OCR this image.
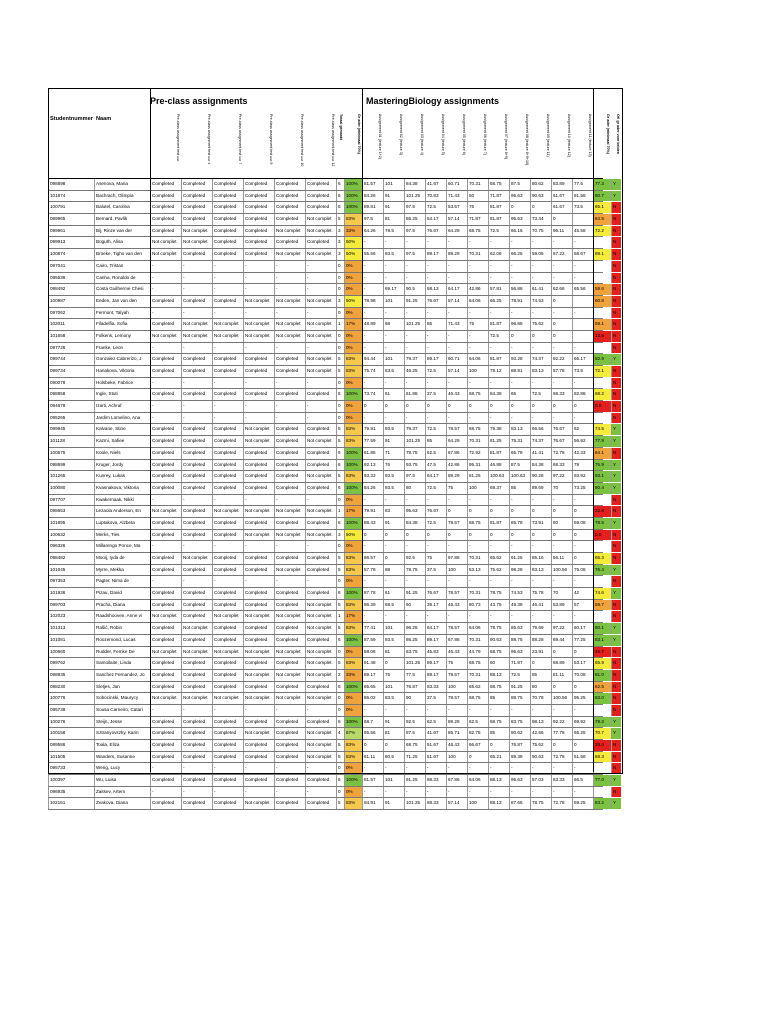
Pre-class assignments	MasteringBiology assignments
Studentnummer Naam	Pre-class assignment test uur	Pre-class assignment test uur 4	Pre-class assignment test uur 7	Pre-class assignment test uur 9	Pre-class assignment test uur 10	Pre-class assignment test uur 12 Totaal gemaakt	Gr ader (minimaal 70%)	Assignment 01 (lecture 1+2)	Assignment 02 (lecture 3)	Assignment 03 (lecture 4)	Assignment 04 (lecture 5)	Assignment 05 (lecture 6)	Assignment 06 (lecture 7)	Assignment 07 (lecture 8+9)	Assignment 08 (lecture 8+9+10)	Assignment 09 (lecture 11)	Assignment 10 (lecture 12)	Assignment 11 (lecture 13)	Gr ader (minimaal 70%) OK gr ader voor beiden
098898	Asenova, Maria	Completed	Completed	Completed	Completed	Completed	Completed	6	100%	81.57	101	84.38	41.67	60.71	70.31	68.75	87.5	80.62	83.89	77.5	77.3	Y
101874	Bachrach, Olimpia	Completed	Completed	Completed	Completed	Completed	Completed	6	100%	84.26	91	101.25	70.83	71.43	50	71.87	95.63	90.63	61.67	81.58	80.7	Y
100791	Balutel, Carolina	Completed	Completed	Completed	Completed	Completed	Completed	6	100%	89.81	91	97.5	72.5	53.57	75	81.87	0	0	61.67	73.5	65.1	N
089965	Bernard, Pavlik	Completed	Completed	Completed	Completed	Completed	Not complet	5	83%	97.5	81	86.25	54.17	57.14	71.87	81.87	95.63	73.44	0	64.5	N
099961	Bij, Rinze van der	Completed	Not complet	Completed	Completed	Not complet	Not complet	3	33%	64.26	78.5	97.5	76.67	64.29	68.75	72.5	65.16	70.75	96.11	45.58	72.2	N
099913	Boguth, Alisa	Not complet	Not complet	Completed	Completed	Completed	Completed	3	50%	-	-	-	-	-	-	-	-	-	-	-	N
100874	Broeke, Tigho van den	Not complet	Completed	Completed	Completed	Not complet	Not complet	3	50%	55.56	93.5	97.5	89.17	89.29	70.31	62.08	66.25	59.06	57.22	58.67	69.1	N
097041	Cairo, Tristan	-	-	-	-	-	-	0	0%	-	-	-	-	-	-	-	-	-	-	-	N
095536	Canha, Ronaldo de	-	-	-	-	-	-	0	0%	-	-	-	-	-	-	-	-	-	-	-	N
098492	Costa Guilherme Chesi	-	-	-	-	-	-	0	0%	-	69.17	90.5	58.13	64.17	42.86	57.81	56.88	61.41	62.66	65.56	59.6	N
100987	Eeden, Jan van den	Completed	Completed	Completed	Not complet	Not complet	Not complet	3	50%	78.98	101	91.25	76.67	57.14	64.06	66.25	78.91	74.53	0	60.8	N
097062	Fermont, Talyah	-	-	-	-	-	-	0	0%	-	-	-	-	-	-	-	-	-	-	-	N
102011	Filadelfia, Sofia	Completed	Not complet	Not complet	Not complet	Not complet	Not complet	1	17%	48.89	68	101.25	85	71.43	75	81.87	96.88	75.62	0	59.1	N
101658	Folkens, Lemony	Not complet	Not complet	Not complet	Not complet	Not complet	Not complet	0	0%	-	-	-	-	-	-	72.5	0	0	0	13.5	N
097726	Franke, Leon	-	-	-	-	-	-	0	0%	-	-	-	-	-	-	-	-	-	-	-	N
099744	Gonzalez Cabrerizo, J	Completed	Completed	Completed	Completed	Completed	Not complet	5	83%	94.44	101	79.37	89.17	60.71	64.06	81.87	93.28	74.37	92.22	66.17	82.9	Y
099734	Hanakova, Viktoria	Completed	Completed	Completed	Completed	Completed	Not complet	5	83%	75.74	63.5	46.25	72.5	57.14	100	78.12	88.91	83.13	57.78	73.5	72.1	N
090078	Holsbeke, Fabrice	-	-	-	-	-	-	0	0%	-	-	-	-	-	-	-	-	-	-	-	N
098858	Ingle, Stuti	Completed	Completed	Completed	Completed	Completed	Completed	6	100%	73.74	61	61.88	37.5	46.43	68.75	84.38	65	72.5	68.33	82.88	68.2	N
094678	Izarti, Achraf	-	-	-	-	-	-	0	0%	0	0	0	0	0	0	0	0	0	0	0	0.0	N
095265	Jardim Lomelino, Ana	-	-	-	-	-	-	0	0%	-	-	-	-	-	-	-	-	-	-	-	N
099945	Kalvane, Stine	Completed	Completed	Completed	Not complet	Completed	Completed	5	83%	79.91	93.5	79.37	72.5	78.57	68.75	79.38	83.13	66.56	76.67	62	74.5	Y
101128	Kazmi, Safiee	Completed	Completed	Completed	Not complet	Completed	Not complet	5	83%	77.59	91	101.25	85	64.29	70.31	81.25	75.31	74.37	76.67	56.92	77.9	Y
100575	Koole, Niels	Completed	Completed	Completed	Completed	Completed	Completed	6	100%	61.85	71	78.75	62.5	67.86	72.92	81.87	65.78	41.41	72.78	42.33	64.1	N
098699	Kruger, Jordy	Completed	Completed	Completed	Completed	Completed	Completed	6	100%	92.13	76	93.75	47.5	42.86	95.31	46.88	87.5	84.38	68.33	79	75.9	Y
101265	Kunrey, Lukas	Completed	Completed	Completed	Completed	Completed	Not complet	5	83%	93.33	93.5	97.5	64.17	89.29	81.25	100.63	100.63	90.28	97.22	93.92	93.1	Y
100080	Kvasnakova, Viktoria	Completed	Completed	Completed	Completed	Completed	Completed	6	100%	84.26	93.5	80	72.5	75	100	69.37	85	89.69	70	73.25	80.4	Y
097707	Kwakernaak, Nikki	-	-	-	-	-	-	0	0%	-	-	-	-	-	-	-	-	-	-	-	N
098653	Lezaola Anderson, En	Not complet	Completed	Not complet	Not complet	Not complet	Not complet	1	17%	79.91	83	95.63	76.67	0	0	0	0	0	0	0	33.8	N
101895	Luptakova, Alzbeta	Completed	Completed	Completed	Completed	Completed	Completed	6	100%	88.43	91	84.38	72.5	78.57	68.75	81.87	85.78	73.91	60	69.08	78.5	Y
100632	Merks, Ties	Completed	Completed	Completed	Not complet	Not complet	Not complet	3	50%	0	0	0	0	0	0	0	0	0	0	0	0.0	N
096326	Millarengo Ponce, Ma	-	-	-	-	-	-	0	0%	-	-	-	-	-	-	-	-	-	-	-	N
098482	Mooij, Iyda de	Completed	Not complet	Completed	Completed	Completed	Completed	5	83%	86.57	0	92.5	75	67.86	70.31	65.62	91.25	85.16	56.11	0	65.3	N
101045	Myrre, Mekka	Completed	Completed	Completed	Completed	Not complet	Completed	5	83%	57.78	88	78.75	37.5	100	53.13	75.62	98.28	83.13	100.56	75.08	76.4	Y
097353	Pagter, Nima de	-	-	-	-	-	-	0	0%	-	-	-	-	-	-	-	-	-	-	-	N
101936	Pizau, David	Completed	Completed	Completed	Completed	Completed	Completed	6	100%	87.78	61	91.25	76.67	78.57	70.31	78.75	74.53	75.78	70	42	74.6	Y
099703	Pracha, Diana	Completed	Completed	Completed	Completed	Completed	Not complet	5	83%	86.39	68.5	60	39.17	46.43	80.73	43.75	49.38	46.41	53.89	57	59.7	N
102023	Raadshooven, Anne vi	Not complet	Completed	Not complet	Not complet	Not complet	Not complet	1	17%	-	-	-	-	-	-	-	-	-	-	-	N
101313	Rašić, Robin	Completed	Not complet	Completed	Completed	Completed	Not complet	5	83%	77.41	101	96.25	64.17	78.57	64.06	78.75	85.63	79.69	97.22	60.17	80.1	Y
101081	Roozemond, Lucas	Completed	Completed	Completed	Completed	Completed	Completed	6	100%	87.59	93.5	86.25	89.17	67.86	70.31	90.63	88.75	88.28	69.44	77.25	83.1	Y
100660	Rudder, Femke De	Not complet	Not complet	Not complet	Not complet	Not complet	Not complet	0	0%	58.06	81	63.75	45.83	46.43	44.79	68.75	95.63	23.91	0	0	46.7	N
099762	Samoilaite, Linda	Completed	Completed	Completed	Completed	Completed	Not complet	5	83%	91.48	0	101.25	89.17	75	68.75	60	71.87	0	68.89	53.17	65.9	N
098935	Sanchez Fernandez, Jo	Completed	Completed	Completed	Not complet	Not complet	Not complet	2	33%	89.17	76	77.5	89.17	78.57	70.31	88.13	72.5	85	81.11	70.08	81.0	N
088230	Sletjes, Jan	Completed	Completed	Completed	Completed	Completed	Completed	6	100%	65.65	101	76.87	83.33	100	65.62	68.75	91.25	80	0	0	62.5	N
100776	Sobocinski, Maurycy	Not complet	Not complet	Not complet	Not complet	Not complet	Not complet	0	0%	86.02	83.5	90	37.5	78.57	68.75	85	88.75	70.78	100.56	95.25	83.0	N
095738	Sousa Carneiro, Catari	-	-	-	-	-	-	0	0%	-	-	-	-	-	-	-	-	-	-	-	N
100276	Steijn, Jesse	Completed	Completed	Completed	Completed	Completed	Completed	6	100%	68.7	91	92.5	62.5	89.29	62.5	68.75	83.75	98.13	92.22	69.92	79.3	Y
100158	Sztranyovszky, Karin	Completed	Completed	Completed	Not complet	Completed	Not complet	4	67%	65.56	81	87.5	41.67	85.71	82.75	85	80.62	42.66	77.78	65.25	70.7	Y
089586	Toala, Eliza	Completed	Completed	Completed	Completed	Completed	Not complet	5	83%	0	0	68.75	51.67	46.43	66.67	0	76.87	75.62	0	0	29.4	N
101505	Wanders, Susanne	Completed	Completed	Completed	Completed	Completed	Not complet	5	83%	61.11	80.5	71.25	51.67	100	0	65.21	89.38	90.63	72.78	51.58	68.3	N
095733	Weng, Lucy	-	-	-	-	-	-	0	0%	-	-	-	-	-	-	-	-	-	-	-	N
100397	Wu, Luisa	Completed	Completed	Completed	Completed	Completed	Completed	6	100%	81.57	101	91.25	68.33	67.86	64.06	88.13	95.63	57.03	63.33	66.5	77.0	Y
096935	Zaitsev, Artem	-	-	-	-	-	-	0	0%	-	-	-	-	-	-	-	-	-	-	-	N
102161	Zvakova, Diana	Completed	Completed	Completed	Not complet	Completed	Completed	5	83%	94.91	91	101.25	68.33	57.14	100	88.13	87.66	78.75	72.78	69.25	83.2	Y
